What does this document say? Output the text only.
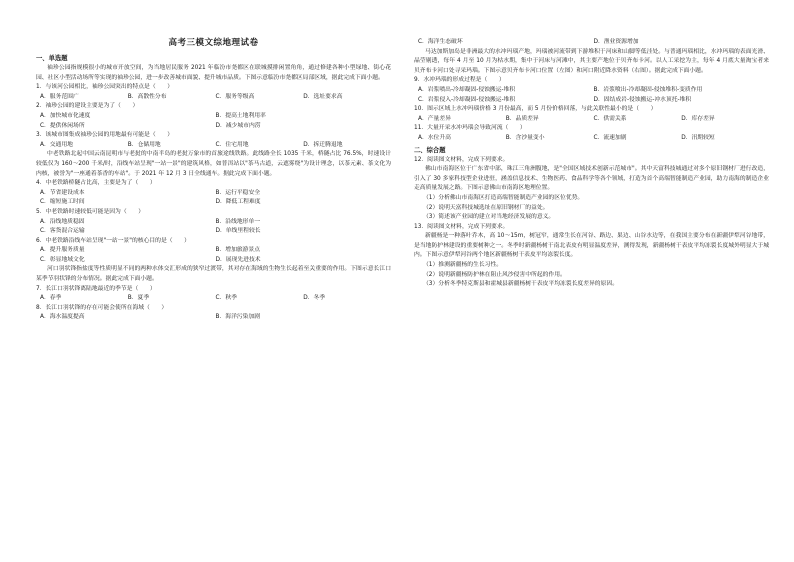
高考三模文综地理试卷
一、单选题

袖珍公园指规模很小的城市开放空间，为当地居民服务 2021 年临汾市尧都区在联城摸排闲置角角，通过修建各种小型绿地、街心花园、社区小型活动场所等实现的袖珍公园，进一步改善城市面貌、提升城市品质。下图示意临汾市尧都区局部区域，据此完成下面小题。

1．与该河公园相比，袖珍公园突出的特点是（　　）

A．服务范围广	B．高散性分布	C．服务等级高	D．选址要求高

2．袖珍公园的建设主要是为了（　　）

A．加快城市化速度	B．提高土地利用率
C．提供休闲场所	D．减少城市内涝

3．该城市图集成袖珍公园的用地最有可能是（　　）

A．交通用地	B．仓储用地	C．住宅用地	D．拆迁腾退地

中老铁路北起中国云南昆明市与老挝的中南半岛的老挝万象市的首旅途线铁路。此线路全长 1035 千米，桥隧占比 76.5%，时速设计较低仅为 160～200 千米/时，沿线车站呈现"一站一景"的建筑风格，如普洱站以"茶马古道，云遮雾绕"为设计理念，以茶元素、茶文化为内核，被誉为"一座通着茶香的车站"。于 2021 年 12 月 3 日全线通车。据此完成下面小题。

4．中老铁路桥隧占比高，主要是为了（　　）

A．节省建设成本	B．运行平稳安全
C．缩短施工时间	D．降低工程难度

5．中老铁路时速较低可能是因为（　　）

A．沿线地质稳固	B．沿线地形单一
C．客货混合运输	D．单线里程较长

6．中老铁路沿线车站呈现"一站一景"的核心目的是（　　）

A．提升服务质量	B．增加旅游景点
C．彰显地域文化	D．展现先进技术

河口羽状锋指盐度等性质明显不同的两种水体交汇形成的狭窄过渡带，其对存在海域的生物生长起着至关重要的作用。下图示意长江口某季节羽状锋的分布情况。据此完成下面小题。

7．长江口羽状锋离陆地最近的季节是（　　）

A．春季	B．夏季	C．秋季	D．冬季

8．长江口羽状锋的存在可能会使所在海域（　　）

A．海水温度提高	B．海洋污染加剧
C．海洋生态破坏	D．渔业资源增加

马达加斯加岛是非洲最大的水冲玛瑙产地，玛瑙被河流带到下游堆积于河床和山脚等低洼处。与普通玛瑙相比，水冲玛瑙的表面光滑、晶莹剔透，每年 4 月至 10 月为枯水期，集中于河床与河滩中，其主要产地位于贝齐布卡河。以人工采挖为主，每年 4 月底大量淘宝者来贝齐布卡河口处寻采玛瑙。下图示意贝齐布卡河口位置（左图）和河口附近降水资料（右图）。据此完成下面小题。

9．水冲玛瑙的形成过程是（　　）

A．岩浆喷出-冷却凝固-侵蚀搬运-堆积	B．岩浆喷出-冷却凝固-侵蚀堆积-变质作用
C．岩浆侵入-冷却凝固-侵蚀搬运-堆积	D．固结成岩-侵蚀搬运-冲水顶托-堆积

10．图示区域上水冲玛瑙价格 3 月份最高，而 5 月份价格回落，与此关联性最小的是（　　）

A．产量差异	B．品质差异	C．供需关系	D．库存差异

11．大量开采水冲玛瑙会导致河流（　　）

A．水位升高	B．含沙量变小	C．流速加剧	D．汛期较短
二、综合题

12．阅读图文材料，完成下列要求。

佛山市南海区位于广东省中部，珠江三角洲腹地，是"全国区域技术创新示范城市"。其中天富科技城通过对多个原旧钢材厂进行改造，引入了 30 多家科技型企业进驻，涵盖信息技术、生物医药、食品科学等各个领域，打造为首个高端智能制造产业园，助力南海的制造企业走高质量发展之路。下图示意佛山市南海区地理位置。

（1）分析佛山市南海区打造高端智能制造产业园的区位优势。

（2）说明天富科技城选址在原旧钢材厂的益处。

（3）简述该产业园的建立对当地经济发展的意义。

13．阅读图文材料，完成下列要求。

新疆杨是一种落叶乔木，高 10～15m，树冠窄，通常生长在河谷、路边、果边、山谷水边等，在我国主要分布在新疆伊犁河谷地带，是当地防护林建设的重要树种之一。冬季时新疆杨树干南北表皮有明显温度差异，测得发现，新疆杨树干表皮平均冻裂长度城外明显大于城内。下图示意伊犁河谷两个地区新疆杨树干表皮平均冻裂长度。

（1）推测新疆杨的生长习性。

（2）说明新疆杨防护林在阻止风沙侵害中所起的作用。

（3）分析冬季特克斯县和霍城县新疆杨树干表皮平均冻裂长度差异的原因。
